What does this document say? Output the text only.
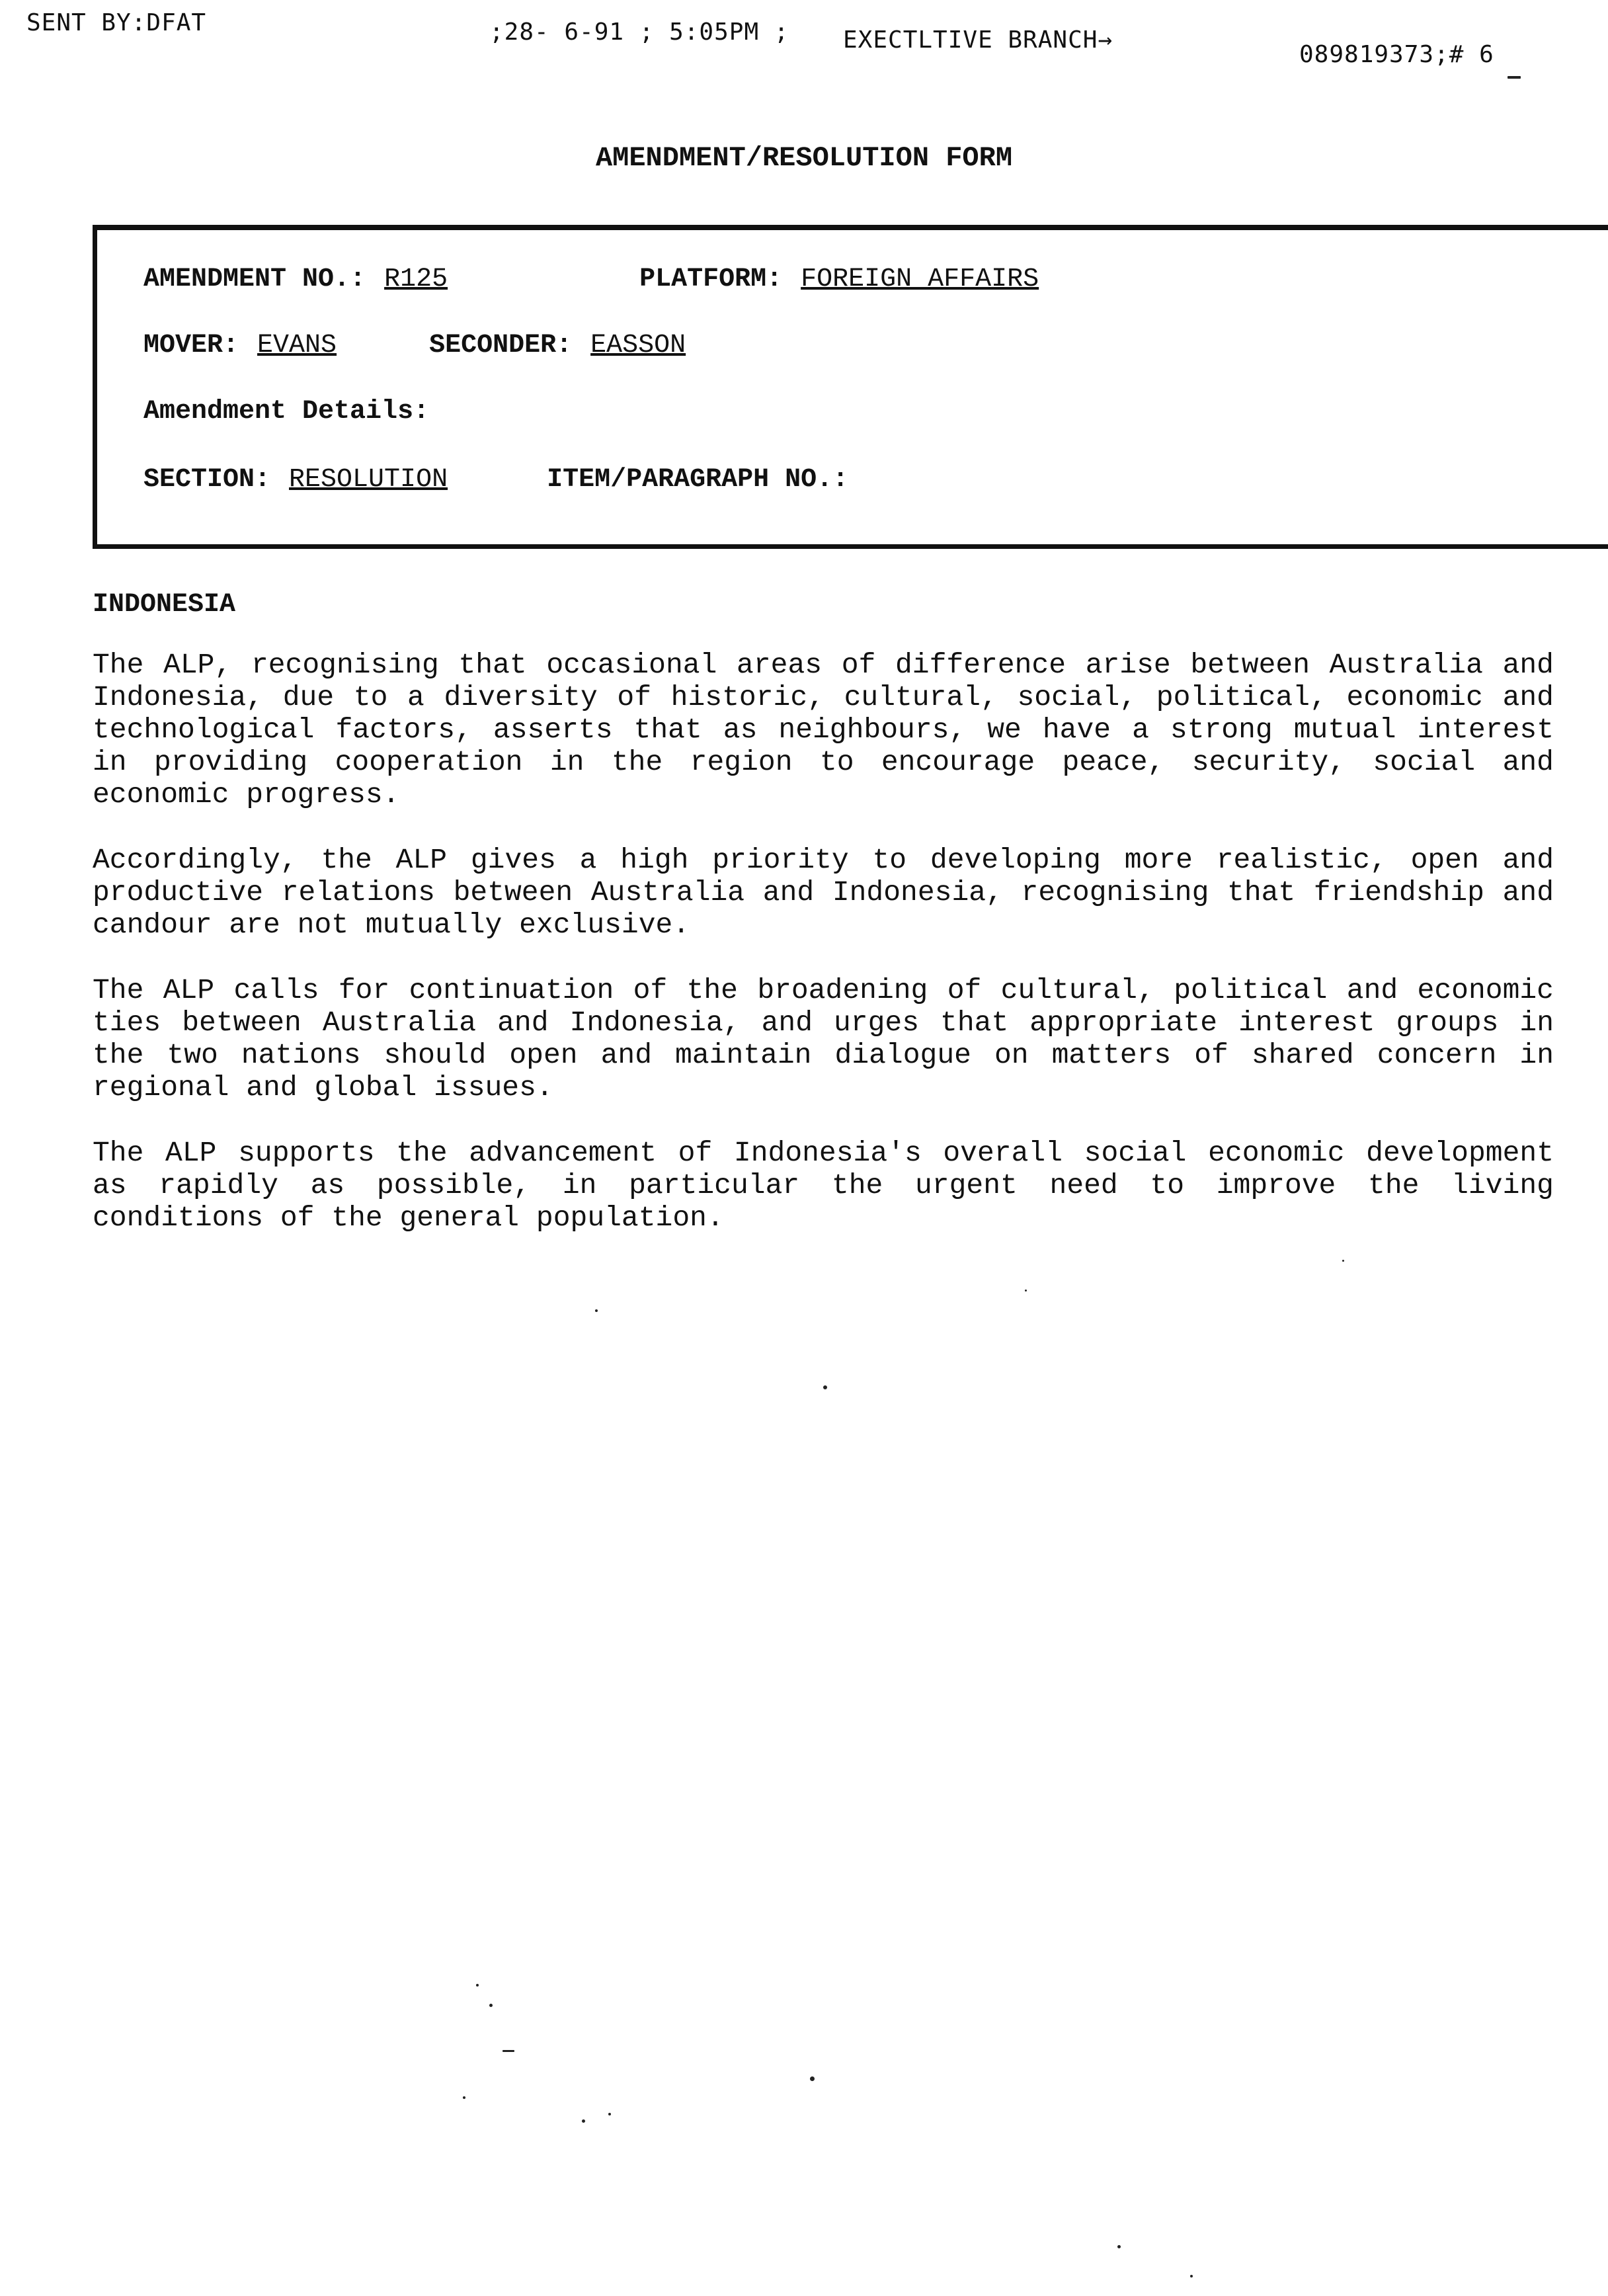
SENT BY:DFAT	;28- 6-91 ; 5:05PM ; EXECTLTIVE BRANCH→
089819373;# 6
AMENDMENT/RESOLUTION FORM
AMENDMENT NO.: R125	PLATFORM: FOREIGN AFFAIRS
MOVER: EVANS	SECONDER: EASSON
Amendment Details:
SECTION: RESOLUTION	ITEM/PARAGRAPH NO.:
INDONESIA

The ALP, recognising that occasional areas of difference arise between Australia and Indonesia, due to a diversity of historic, cultural, social, political, economic and technological factors, asserts that as neighbours, we have a strong mutual interest in providing cooperation in the region to encourage peace, security, social and economic progress.

Accordingly, the ALP gives a high priority to developing more realistic, open and productive relations between Australia and Indonesia, recognising that friendship and candour are not mutually exclusive.

The ALP calls for continuation of the broadening of cultural, political and economic ties between Australia and Indonesia, and urges that appropriate interest groups in the two nations should open and maintain dialogue on matters of shared concern in regional and global issues.

The ALP supports the advancement of Indonesia's overall social economic development as rapidly as possible, in particular the urgent need to improve the living conditions of the general population.
